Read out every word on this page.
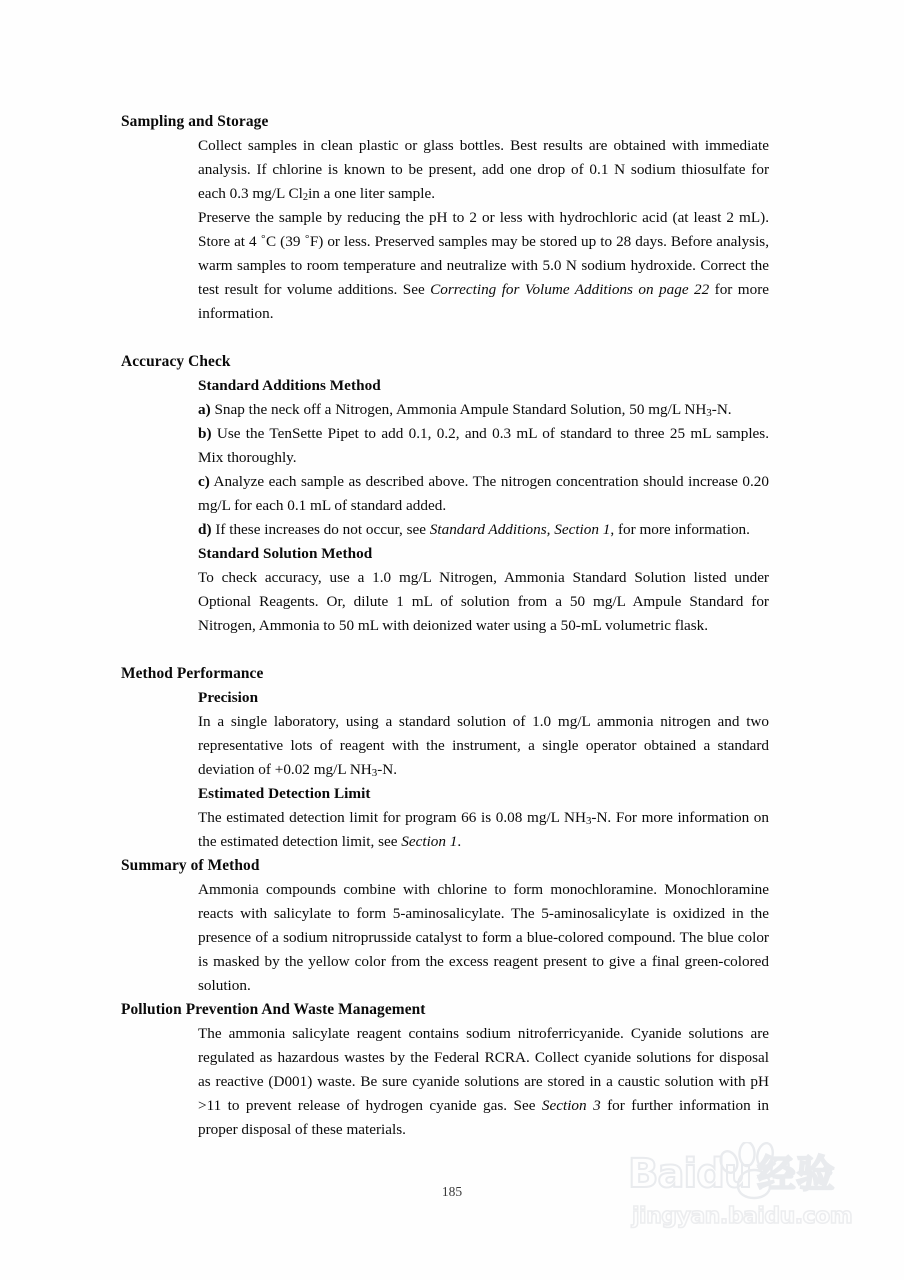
Sampling and Storage

Collect samples in clean plastic or glass bottles. Best results are obtained with immediate analysis. If chlorine is known to be present, add one drop of 0.1 N sodium thiosulfate for each 0.3 mg/L $Cl_2in$ a one liter sample.

Preserve the sample by reducing the pH to 2 or less with hydrochloric acid (at least 2 mL). Store at 4 °C (39 °F) or less. Preserved samples may be stored up to 28 days. Before analysis, warm samples to room temperature and neutralize with 5.0 N sodium hydroxide. Correct the test result for volume additions. See Correcting for Volume Additions on page 22 for more information.

Accuracy Check
Standard Additions Method

a) Snap the neck off a Nitrogen, Ammonia Ampule Standard Solution, 50 mg/L NH3-N.

b) Use the TenSette Pipet to add 0.1, 0.2, and 0.3 mL of standard to three 25 mL samples. Mix thoroughly.

c) Analyze each sample as described above. The nitrogen concentration should increase 0.20 mg/L for each 0.1 mL of standard added.

d) If these increases do not occur, see Standard Additions, Section 1, for more information.

Standard Solution Method

To check accuracy, use a 1.0 mg/L Nitrogen, Ammonia Standard Solution listed under Optional Reagents. Or, dilute 1 mL of solution from a 50 mg/L Ampule Standard for Nitrogen, Ammonia to 50 mL with deionized water using a 50-mL volumetric flask.

Method Performance
Precision

In a single laboratory, using a standard solution of 1.0 mg/L ammonia nitrogen and two representative lots of reagent with the instrument, a single operator obtained a standard deviation of +0.02 mg/L NH3-N.

Estimated Detection Limit

The estimated detection limit for program 66 is 0.08 mg/L NH3-N. For more information on the estimated detection limit, see Section 1.

Summary of Method

Ammonia compounds combine with chlorine to form monochloramine. Monochloramine reacts with salicylate to form 5-aminosalicylate. The 5-aminosalicylate is oxidized in the presence of a sodium nitroprusside catalyst to form a blue-colored compound. The blue color is masked by the yellow color from the excess reagent present to give a final green-colored solution.

Pollution Prevention And Waste Management

The ammonia salicylate reagent contains sodium nitroferricyanide. Cyanide solutions are regulated as hazardous wastes by the Federal RCRA. Collect cyanide solutions for disposal as reactive (D001) waste. Be sure cyanide solutions are stored in a caustic solution with pH >11 to prevent release of hydrogen cyanide gas. See Section 3 for further information in proper disposal of these materials.

185	Baidu 经验
jingyan.baidu.com
